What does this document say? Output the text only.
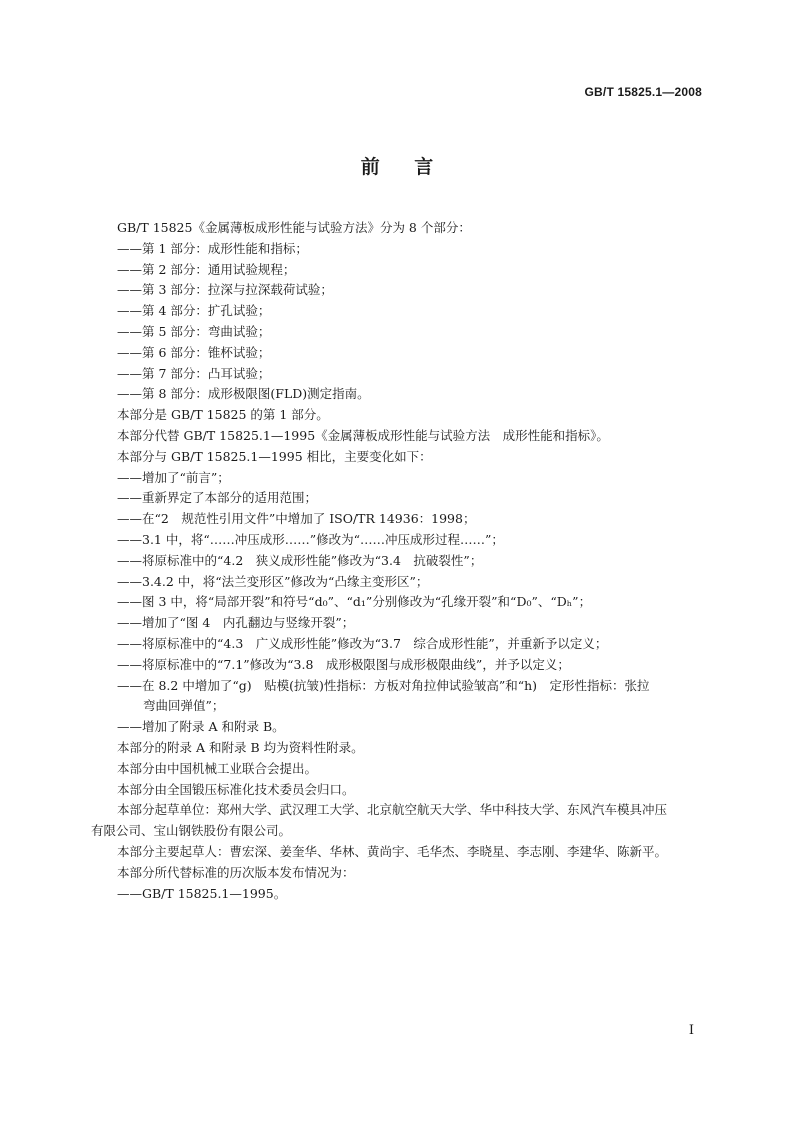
GB/T 15825.1—2008
前 言

GB/T 15825《金属薄板成形性能与试验方法》分为 8 个部分：

——第 1 部分：成形性能和指标；

——第 2 部分：通用试验规程；

——第 3 部分：拉深与拉深载荷试验；

——第 4 部分：扩孔试验；

——第 5 部分：弯曲试验；

——第 6 部分：锥杯试验；

——第 7 部分：凸耳试验；

——第 8 部分：成形极限图(FLD)测定指南。

本部分是 GB/T 15825 的第 1 部分。

本部分代替 GB/T 15825.1—1995《金属薄板成形性能与试验方法　成形性能和指标》。

本部分与 GB/T 15825.1—1995 相比，主要变化如下：

——增加了“前言”；

——重新界定了本部分的适用范围；

——在“2　规范性引用文件”中增加了 ISO/TR 14936：1998；

——3.1 中，将“……冲压成形……”修改为“……冲压成形过程……”；

——将原标准中的“4.2　狭义成形性能”修改为“3.4　抗破裂性”；

——3.4.2 中，将“法兰变形区”修改为“凸缘主变形区”；

——图 3 中，将“局部开裂”和符号“d₀”、“d₁”分别修改为“孔缘开裂”和“D₀”、“Dₕ”；

——增加了“图 4　内孔翻边与竖缘开裂”；

——将原标准中的“4.3　广义成形性能”修改为“3.7　综合成形性能”，并重新予以定义；

——将原标准中的“7.1”修改为“3.8　成形极限图与成形极限曲线”，并予以定义；

——在 8.2 中增加了“g)　贴模(抗皱)性指标：方板对角拉伸试验皱高”和“h)　定形性指标：张拉

弯曲回弹值”；

——增加了附录 A 和附录 B。

本部分的附录 A 和附录 B 均为资料性附录。

本部分由中国机械工业联合会提出。

本部分由全国锻压标准化技术委员会归口。

本部分起草单位：郑州大学、武汉理工大学、北京航空航天大学、华中科技大学、东风汽车模具冲压

有限公司、宝山钢铁股份有限公司。

本部分主要起草人：曹宏深、姜奎华、华林、黄尚宇、毛华杰、李晓星、李志刚、李建华、陈新平。

本部分所代替标准的历次版本发布情况为：

——GB/T 15825.1—1995。

I
